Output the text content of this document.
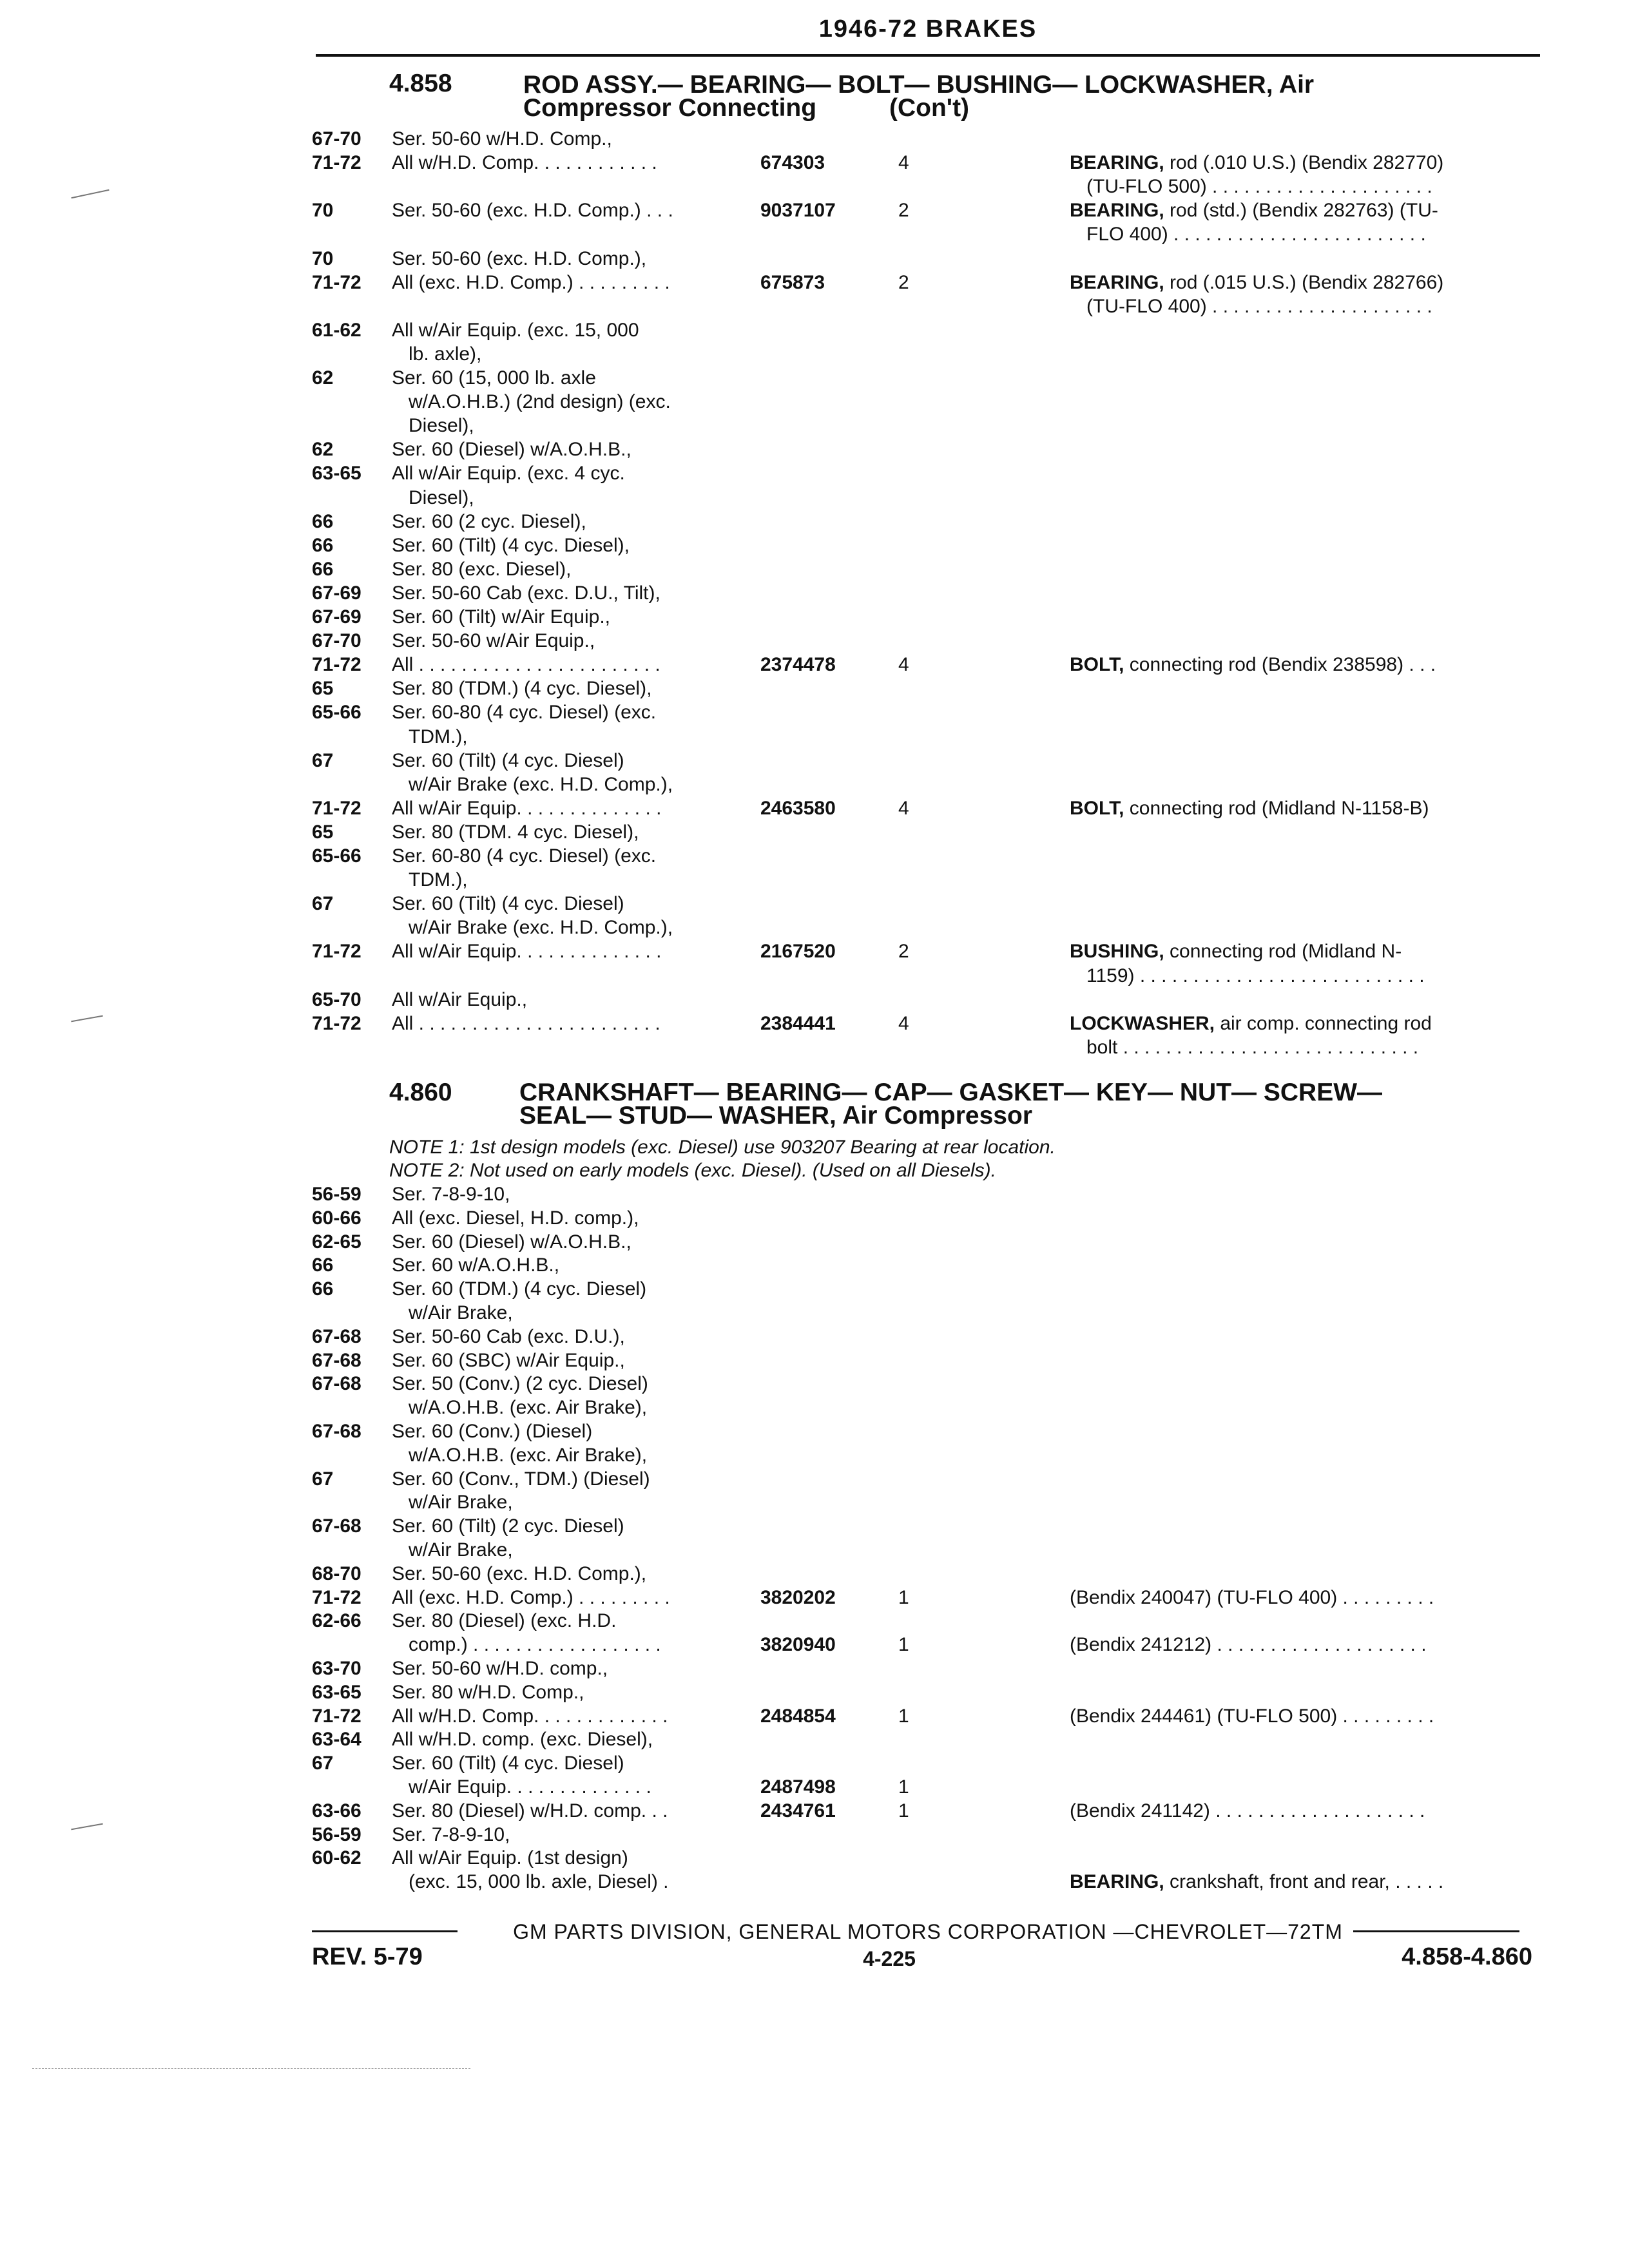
1946-72 BRAKES
4.858	ROD ASSY.— BEARING— BOLT— BUSHING— LOCKWASHER, Air
Compressor Connecting	(Con't)
67-70 Ser. 50-60 w/H.D. Comp.,
71-72 All w/H.D. Comp. . . . . . . . . . . .	674303	4	BEARING, rod (.010 U.S.) (Bendix 282770)
(TU-FLO 500) . . . . . . . . . . . . . . . . . . . . .
70	Ser. 50-60 (exc. H.D. Comp.) . . .	9037107	2	BEARING, rod (std.) (Bendix 282763) (TU-
FLO 400) . . . . . . . . . . . . . . . . . . . . . . . .
70	Ser. 50-60 (exc. H.D. Comp.),
71-72 All (exc. H.D. Comp.) . . . . . . . . .	675873	2	BEARING, rod (.015 U.S.) (Bendix 282766)
(TU-FLO 400) . . . . . . . . . . . . . . . . . . . . .
61-62 All w/Air Equip. (exc. 15, 000
lb. axle),
62	Ser. 60 (15, 000 lb. axle
w/A.O.H.B.) (2nd design) (exc.
Diesel),
62	Ser. 60 (Diesel) w/A.O.H.B.,
63-65 All w/Air Equip. (exc. 4 cyc.
Diesel),
66	Ser. 60 (2 cyc. Diesel),
66	Ser. 60 (Tilt) (4 cyc. Diesel),
66	Ser. 80 (exc. Diesel),
67-69 Ser. 50-60 Cab (exc. D.U., Tilt),
67-69 Ser. 60 (Tilt) w/Air Equip.,
67-70 Ser. 50-60 w/Air Equip.,
71-72 All . . . . . . . . . . . . . . . . . . . . . . .	2374478	4	BOLT, connecting rod (Bendix 238598) . . .
65	Ser. 80 (TDM.) (4 cyc. Diesel),
65-66 Ser. 60-80 (4 cyc. Diesel) (exc.
TDM.),
67	Ser. 60 (Tilt) (4 cyc. Diesel)
w/Air Brake (exc. H.D. Comp.),
71-72 All w/Air Equip. . . . . . . . . . . . . .	2463580	4	BOLT, connecting rod (Midland N-1158-B)
65	Ser. 80 (TDM. 4 cyc. Diesel),
65-66 Ser. 60-80 (4 cyc. Diesel) (exc.
TDM.),
67	Ser. 60 (Tilt) (4 cyc. Diesel)
w/Air Brake (exc. H.D. Comp.),
71-72 All w/Air Equip. . . . . . . . . . . . . .	2167520	2	BUSHING, connecting rod (Midland N-
1159) . . . . . . . . . . . . . . . . . . . . . . . . . . .
65-70 All w/Air Equip.,
71-72 All . . . . . . . . . . . . . . . . . . . . . . .	2384441	4	LOCKWASHER, air comp. connecting rod
bolt . . . . . . . . . . . . . . . . . . . . . . . . . . . .
4.860	CRANKSHAFT— BEARING— CAP— GASKET— KEY— NUT— SCREW—
SEAL— STUD— WASHER, Air Compressor
NOTE 1: 1st design models (exc. Diesel) use 903207 Bearing at rear location.
NOTE 2: Not used on early models (exc. Diesel). (Used on all Diesels).
56-59 Ser. 7-8-9-10,
60-66 All (exc. Diesel, H.D. comp.),
62-65 Ser. 60 (Diesel) w/A.O.H.B.,
66	Ser. 60 w/A.O.H.B.,
66	Ser. 60 (TDM.) (4 cyc. Diesel)
w/Air Brake,
67-68 Ser. 50-60 Cab (exc. D.U.),
67-68 Ser. 60 (SBC) w/Air Equip.,
67-68 Ser. 50 (Conv.) (2 cyc. Diesel)
w/A.O.H.B. (exc. Air Brake),
67-68 Ser. 60 (Conv.) (Diesel)
w/A.O.H.B. (exc. Air Brake),
67	Ser. 60 (Conv., TDM.) (Diesel)
w/Air Brake,
67-68 Ser. 60 (Tilt) (2 cyc. Diesel)
w/Air Brake,
68-70 Ser. 50-60 (exc. H.D. Comp.),
71-72 All (exc. H.D. Comp.) . . . . . . . . .	3820202	1	(Bendix 240047) (TU-FLO 400) . . . . . . . . .
62-66 Ser. 80 (Diesel) (exc. H.D.
comp.) . . . . . . . . . . . . . . . . . .	3820940	1	(Bendix 241212) . . . . . . . . . . . . . . . . . . . .
63-70 Ser. 50-60 w/H.D. comp.,
63-65 Ser. 80 w/H.D. Comp.,
71-72 All w/H.D. Comp. . . . . . . . . . . . .	2484854	1	(Bendix 244461) (TU-FLO 500) . . . . . . . . .
63-64 All w/H.D. comp. (exc. Diesel),
67	Ser. 60 (Tilt) (4 cyc. Diesel)
w/Air Equip. . . . . . . . . . . . . .	2487498	1
63-66 Ser. 80 (Diesel) w/H.D. comp. . .	2434761	1	(Bendix 241142) . . . . . . . . . . . . . . . . . . . .
56-59 Ser. 7-8-9-10,
60-62 All w/Air Equip. (1st design)
(exc. 15, 000 lb. axle, Diesel) .	BEARING, crankshaft, front and rear, . . . . .
GM PARTS DIVISION, GENERAL MOTORS CORPORATION —CHEVROLET—72TM
REV. 5-79	4-225	4.858-4.860
